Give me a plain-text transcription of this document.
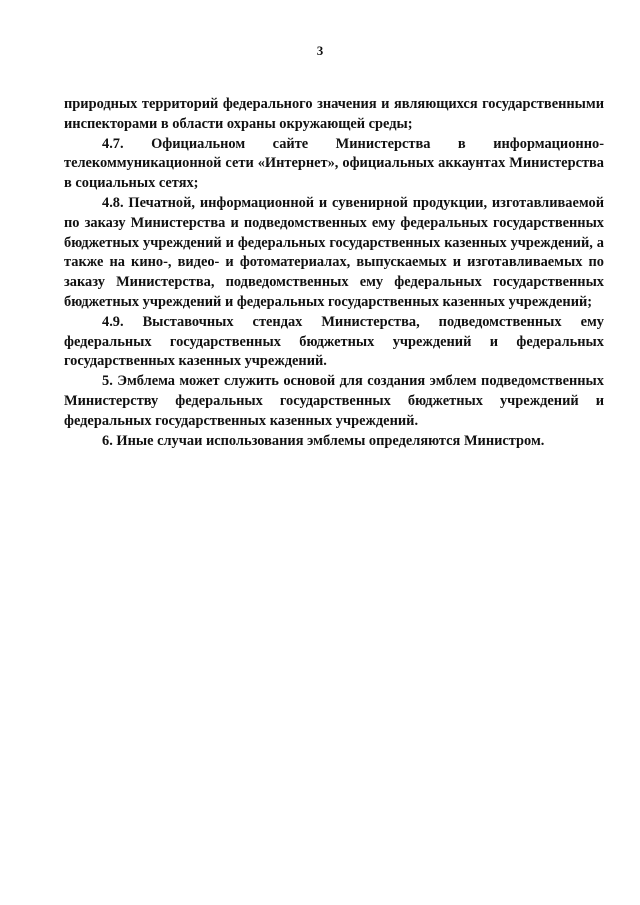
3

природных территорий федерального значения и являющихся государственными инспекторами в области охраны окружающей среды;

4.7. Официальном сайте Министерства в информационно-телекоммуникационной сети «Интернет», официальных аккаунтах Министерства в социальных сетях;

4.8. Печатной, информационной и сувенирной продукции, изготавливаемой по заказу Министерства и подведомственных ему федеральных государственных бюджетных учреждений и федеральных государственных казенных учреждений, а также на кино-, видео- и фотоматериалах, выпускаемых и изготавливаемых по заказу Министерства, подведомственных ему федеральных государственных бюджетных учреждений и федеральных государственных казенных учреждений;

4.9. Выставочных стендах Министерства, подведомственных ему федеральных государственных бюджетных учреждений и федеральных государственных казенных учреждений.

5. Эмблема может служить основой для создания эмблем подведомственных Министерству федеральных государственных бюджетных учреждений и федеральных государственных казенных учреждений.

6. Иные случаи использования эмблемы определяются Министром.
